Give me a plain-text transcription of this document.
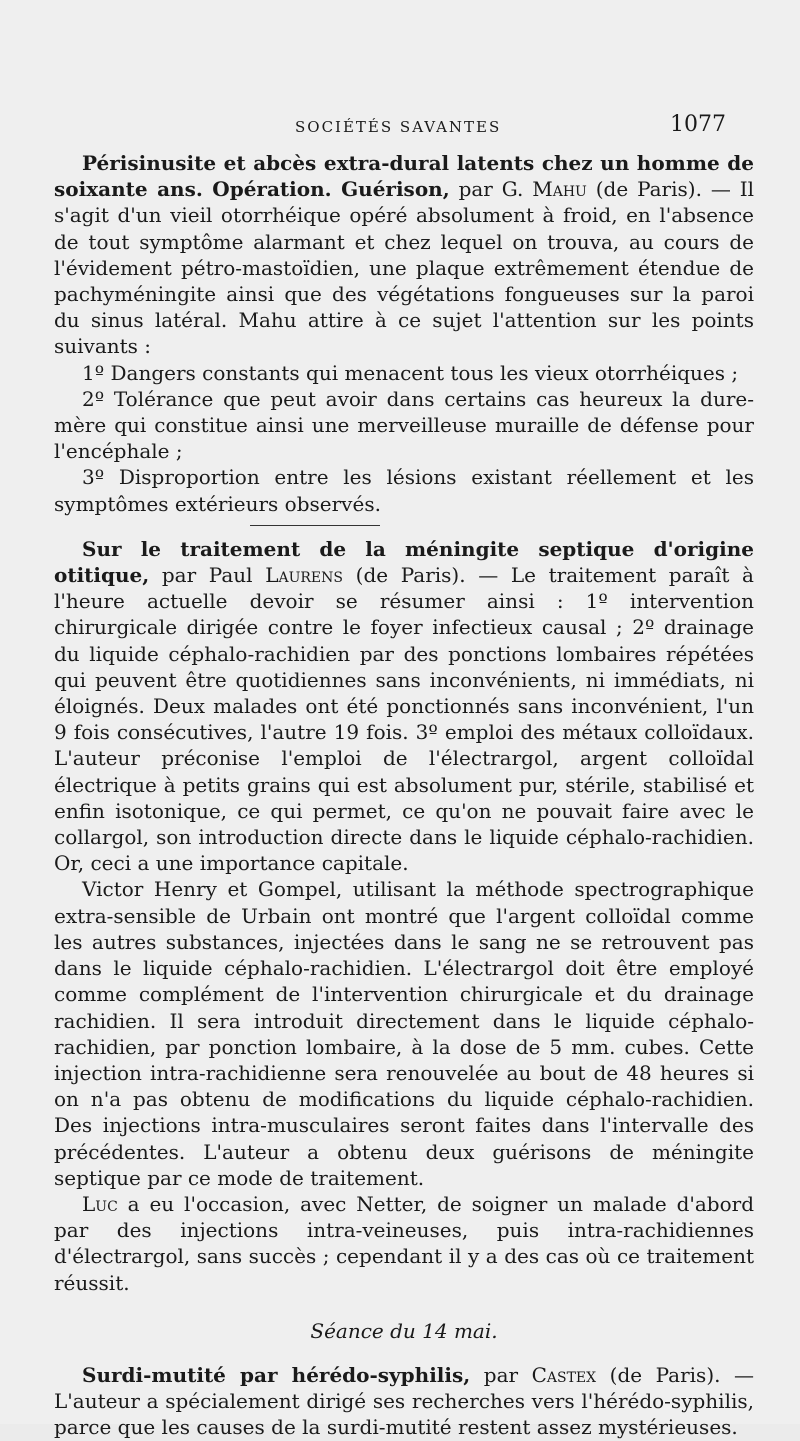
SOCIÉTÉS SAVANTES	1077

Périsinusite et abcès extra-dural latents chez un homme de soixante ans. Opération. Guérison, par G. Mahu (de Paris). — Il s'agit d'un vieil otorrhéique opéré absolument à froid, en l'absence de tout symptôme alarmant et chez lequel on trouva, au cours de l'évidement pétro-mastoïdien, une plaque extrêmement étendue de pachyméningite ainsi que des végétations fongueuses sur la paroi du sinus latéral. Mahu attire à ce sujet l'attention sur les points suivants :

1º Dangers constants qui menacent tous les vieux otorrhéiques ;

2º Tolérance que peut avoir dans certains cas heureux la dure-mère qui constitue ainsi une merveilleuse muraille de défense pour l'encéphale ;

3º Disproportion entre les lésions existant réellement et les symptômes extérieurs observés.

Sur le traitement de la méningite septique d'origine otitique, par Paul Laurens (de Paris). — Le traitement paraît à l'heure actuelle devoir se résumer ainsi : 1º intervention chirurgicale dirigée contre le foyer infectieux causal ; 2º drainage du liquide céphalo-rachidien par des ponctions lombaires répétées qui peuvent être quotidiennes sans inconvénients, ni immédiats, ni éloignés. Deux malades ont été ponctionnés sans inconvénient, l'un 9 fois consécutives, l'autre 19 fois. 3º emploi des métaux colloïdaux. L'auteur préconise l'emploi de l'électrargol, argent colloïdal électrique à petits grains qui est absolument pur, stérile, stabilisé et enfin isotonique, ce qui permet, ce qu'on ne pouvait faire avec le collargol, son introduction directe dans le liquide céphalo-rachidien. Or, ceci a une importance capitale.

Victor Henry et Gompel, utilisant la méthode spectrographique extra-sensible de Urbain ont montré que l'argent colloïdal comme les autres substances, injectées dans le sang ne se retrouvent pas dans le liquide céphalo-rachidien. L'électrargol doit être employé comme complément de l'intervention chirurgicale et du drainage rachidien. Il sera introduit directement dans le liquide céphalo-rachidien, par ponction lombaire, à la dose de 5 mm. cubes. Cette injection intra-rachidienne sera renouvelée au bout de 48 heures si on n'a pas obtenu de modifications du liquide céphalo-rachidien. Des injections intra-musculaires seront faites dans l'intervalle des précédentes. L'auteur a obtenu deux guérisons de méningite septique par ce mode de traitement.

Luc a eu l'occasion, avec Netter, de soigner un malade d'abord par des injections intra-veineuses, puis intra-rachidiennes d'électrargol, sans succès ; cependant il y a des cas où ce traitement réussit.

Séance du 14 mai.

Surdi-mutité par hérédo-syphilis, par Castex (de Paris). — L'auteur a spécialement dirigé ses recherches vers l'hérédo-syphilis, parce que les causes de la surdi-mutité restent assez mystérieuses.
